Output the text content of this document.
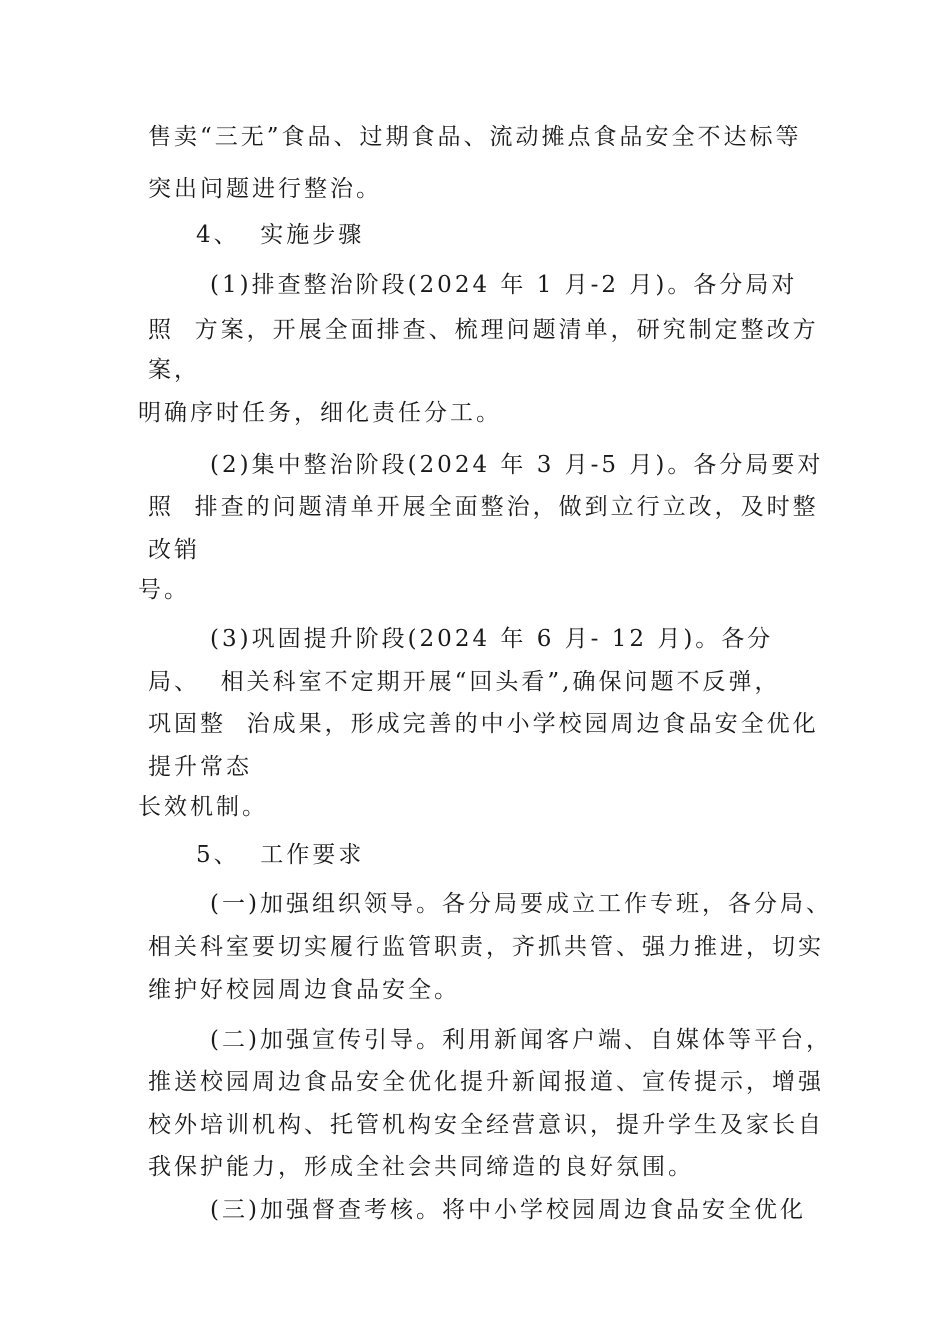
售卖“三无”食品、过期食品、流动摊点食品安全不达标等
突出问题进行整治。
4、  实施步骤
(1)排查整治阶段(2024 年 1 月-2 月)。各分局对
照  方案，开展全面排查、梳理问题清单，研究制定整改方
案，
明确序时任务，细化责任分工。
(2)集中整治阶段(2024 年 3 月-5 月)。各分局要对
照  排查的问题清单开展全面整治，做到立行立改，及时整
改销
号。
(3)巩固提升阶段(2024 年 6 月- 12 月)。各分
局、  相关科室不定期开展“回头看”,确保问题不反弹，
巩固整  治成果，形成完善的中小学校园周边食品安全优化
提升常态
长效机制。
5、  工作要求
(一)加强组织领导。各分局要成立工作专班，各分局、
相关科室要切实履行监管职责，齐抓共管、强力推进，切实
维护好校园周边食品安全。
(二)加强宣传引导。利用新闻客户端、自媒体等平台，
推送校园周边食品安全优化提升新闻报道、宣传提示，增强
校外培训机构、托管机构安全经营意识，提升学生及家长自
我保护能力，形成全社会共同缔造的良好氛围。
(三)加强督查考核。将中小学校园周边食品安全优化
